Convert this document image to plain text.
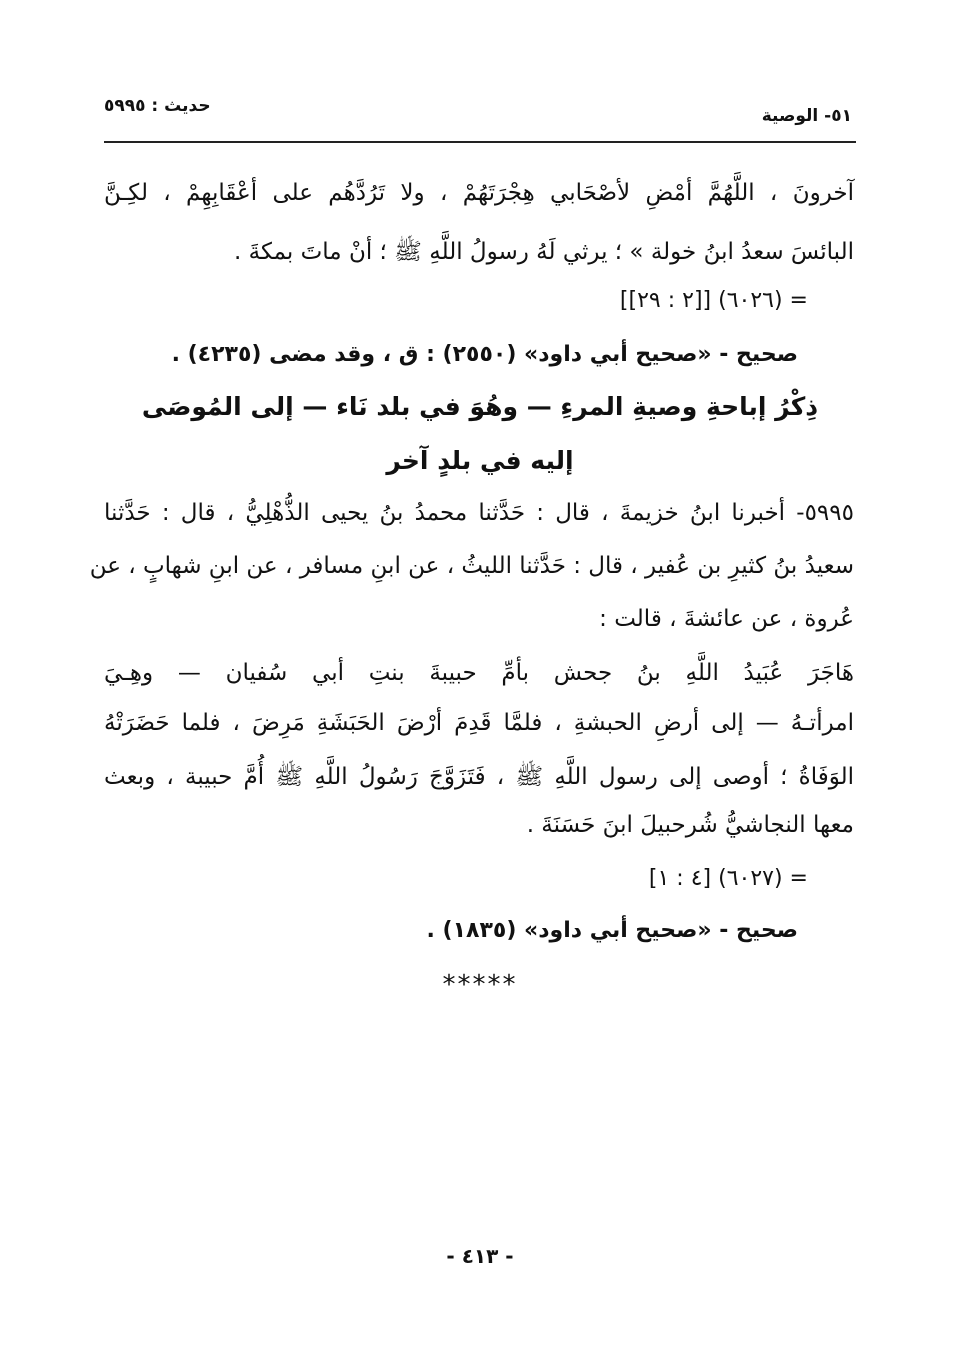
حديث : ٥٩٩٥	٥١- الوصية
آخرونَ ، اللَّهُمَّ أمْضِ لأصْحَابي هِجْرَتَهُمْ ، ولا تَرُدَّهُم على أعْقَابِهِمْ ، لكِـنَّ
البائسَ سعدُ ابنُ خولة » ؛ يرثي لَهُ رسولُ اللَّهِ ﷺ ؛ أنْ ماتَ بمكةَ .
= (٦٠٢٦) [[٢ : ٢٩]]
صحيح - «صحيح أبي داود» (٢٥٥٠) : ق ، وقد مضى (٤٢٣٥) .
ذِكْرُ إباحةِ وصيةِ المرءِ — وهُوَ في بلد نَاء — إلى المُوصَى
إليه في بلدٍ آخر
٥٩٩٥- أخبرنا ابنُ خزيمةَ ، قال : حَدَّثنا محمدُ بنُ يحيى الذُّهْلِيُّ ، قال : حَدَّثنا
سعيدُ بنُ كثيرِ بن عُفير ، قال : حَدَّثنا الليثُ ، عن ابنِ مسافر ، عن ابنِ شهابٍ ، عن
عُروة ، عن عائشةَ ، قالت :
هَاجَرَ عُبَيدُ اللَّهِ بنُ جحش بأمِّ حبيبةَ بنتِ أبي سُفيان — وهِـيَ
امرأتـهُ — إلى أرضِ الحبشةِ ، فلمَّا قَدِمَ أرْضَ الحَبَشَةِ مَرِضَ ، فلما حَضَرَتْهُ
الوَفَاةُ ؛ أوصى إلى رسول اللَّهِ ﷺ ، فَتَزَوَّجَ رَسُولُ اللَّهِ ﷺ أُمَّ حبيبة ، وبعث
معها النجاشيُّ شُرحبيلَ ابنَ حَسَنَةَ .
= (٦٠٢٧) [٤ : ١]
صحيح - «صحيح أبي داود» (١٨٣٥) .
*****
- ٤١٣ -
